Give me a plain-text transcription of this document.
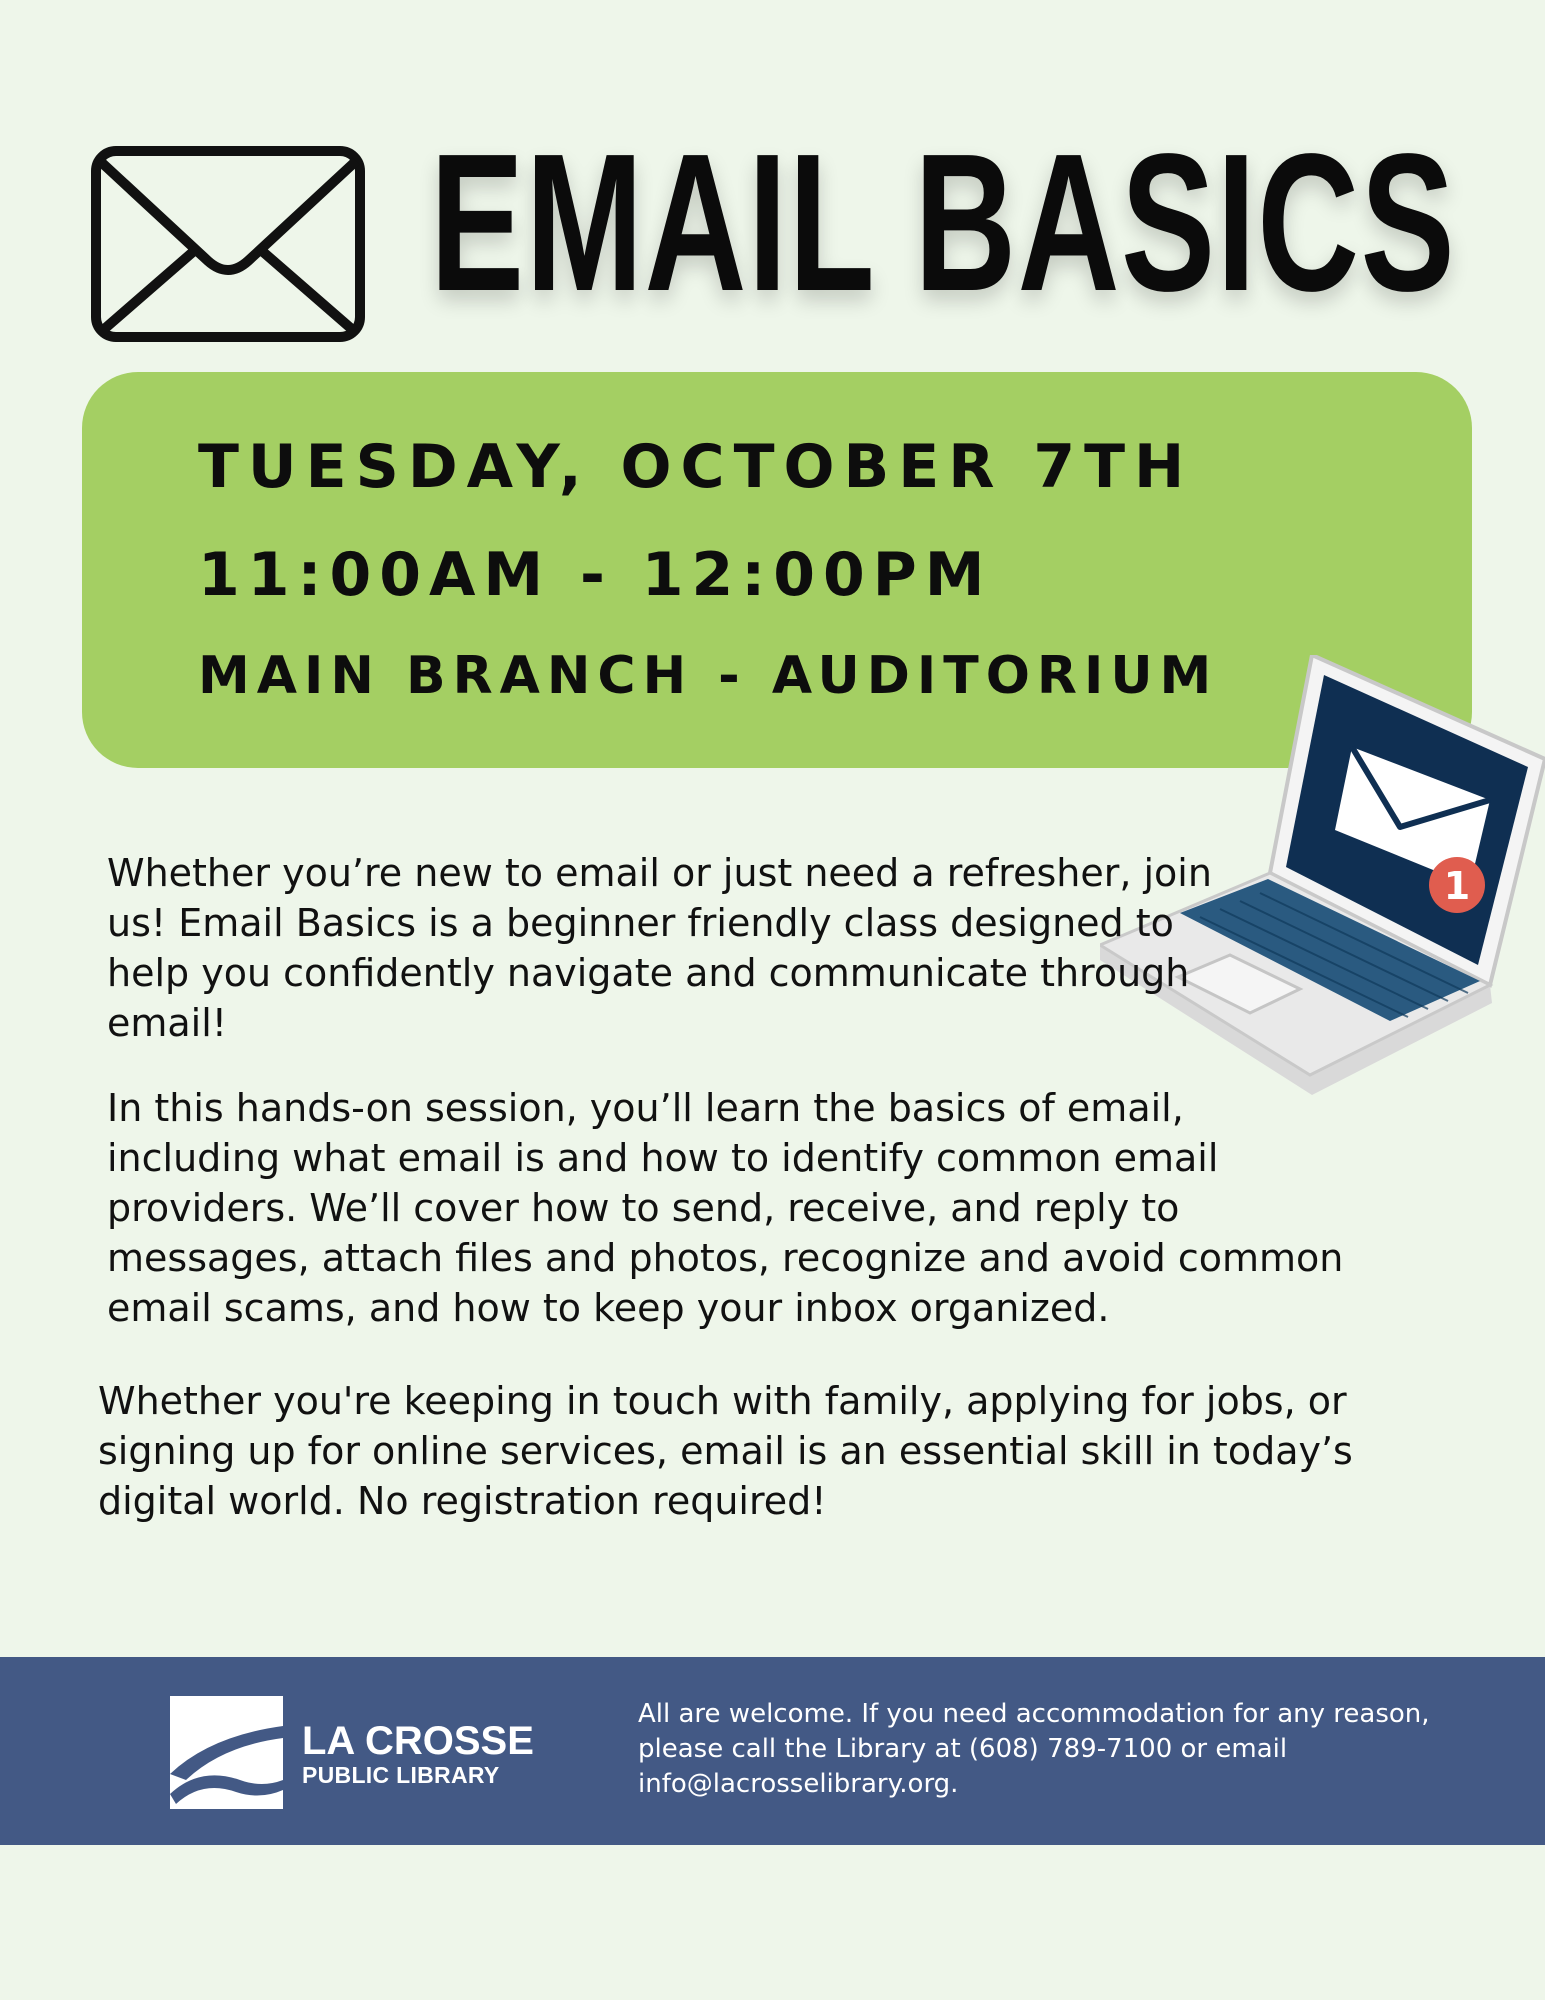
EMAIL BASICS

TUESDAY, OCTOBER 7TH

11:00AM - 12:00PM

MAIN BRANCH - AUDITORIUM

1

Whether you’re new to email or just need a refresher, join us! Email Basics is a beginner friendly class designed to help you confidently navigate and communicate through email!

In this hands-on session, you’ll learn the basics of email, including what email is and how to identify common email providers. We’ll cover how to send, receive, and reply to messages, attach files and photos, recognize and avoid common email scams, and how to keep your inbox organized.

Whether you're keeping in touch with family, applying for jobs, or signing up for online services, email is an essential skill in today’s digital world. No registration required!

LA CROSSE

PUBLIC LIBRARY

All are welcome. If you need accommodation for any reason, please call the Library at (608) 789-7100 or email info@lacrosselibrary.org.
